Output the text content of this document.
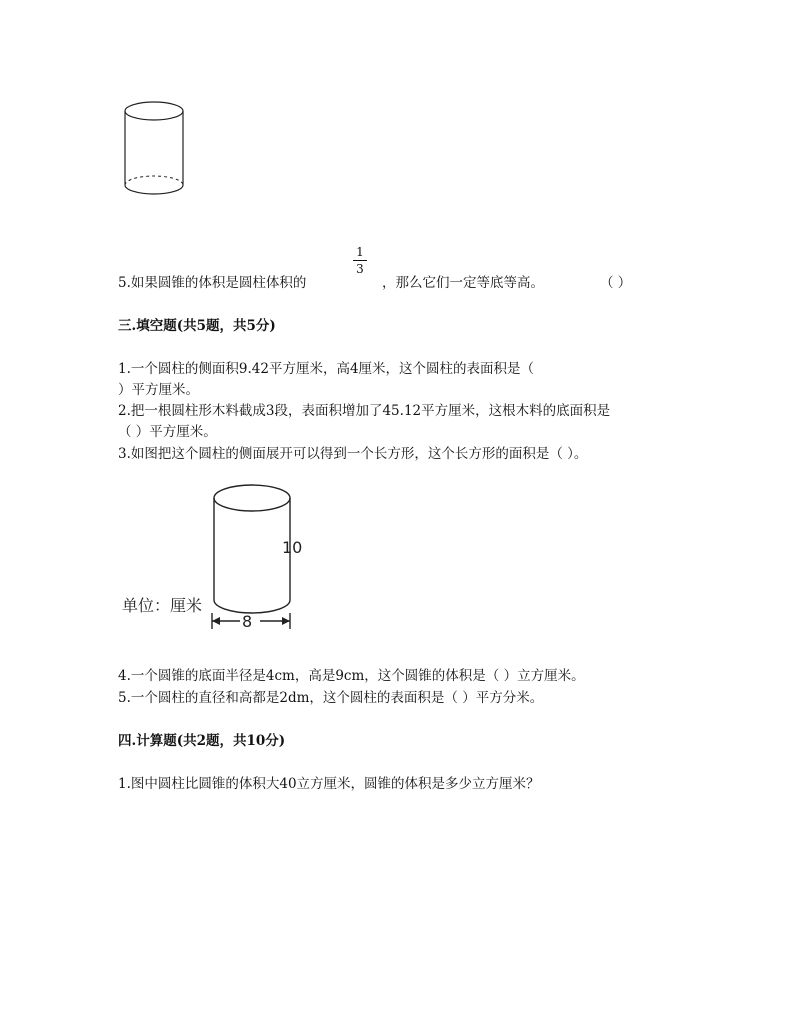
5.如果圆锥的体积是圆柱体积的
1
3
，那么它们一定等底等高。	（ ）
三.填空题(共5题，共5分)
1.一个圆柱的侧面积9.42平方厘米，高4厘米，这个圆柱的表面积是（
）平方厘米。
2.把一根圆柱形木料截成3段，表面积增加了45.12平方厘米，这根木料的底面积是
（ ）平方厘米。
3.如图把这个圆柱的侧面展开可以得到一个长方形，这个长方形的面积是（ ）。
10
8
单位：厘米
4.一个圆锥的底面半径是4cm，高是9cm，这个圆锥的体积是（ ）立方厘米。
5.一个圆柱的直径和高都是2dm，这个圆柱的表面积是（ ）平方分米。
四.计算题(共2题，共10分)
1.图中圆柱比圆锥的体积大40立方厘米，圆锥的体积是多少立方厘米？
